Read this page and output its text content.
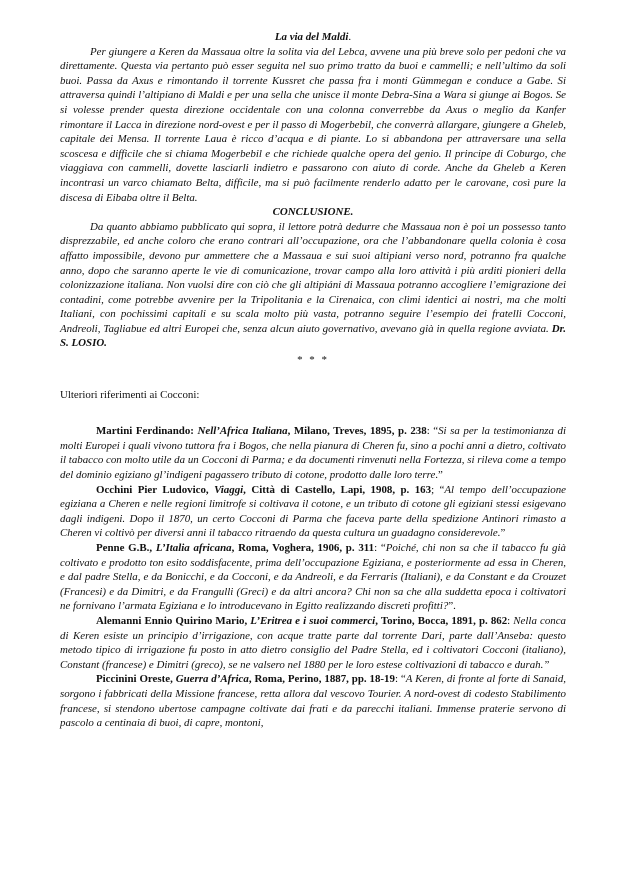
La via del Maldi.

Per giungere a Keren da Massaua oltre la solita via del Lebca, avvene una più breve solo per pedoni che va direttamente. Questa via pertanto può esser seguita nel suo primo tratto da buoi e cammelli; e nell’ultimo da soli buoi. Passa da Axus e rimontando il torrente Kussret che passa fra i monti Gümmegan e conduce a Gabe. Si attraversa quindi l’altipiano di Maldi e per una sella che unisce il monte Debra-Sina a Wara si giunge ai Bogos. Se si volesse prender questa direzione occidentale con una colonna converrebbe da Axus o meglio da Kanfer rimontare il Lacca in direzione nord-ovest e per il passo di Mogerbebil, che converrà allargare, giungere a Gheleb, capitale dei Mensa. Il torrente Laua è ricco d’acqua e di piante. Lo si abbandona per attraversare una sella scoscesa e difficile che si chiama Mogerbebil e che richiede qualche opera del genio. Il principe di Coburgo, che viaggiava con cammelli, dovette lasciarli indietro e passarono con aiuto di corde. Anche da Gheleb a Keren incontrasi un varco chiamato Belta, difficile, ma si può facilmente renderlo adatto per le carovane, così pure la discesa di Eibaba oltre il Belta.

CONCLUSIONE.

Da quanto abbiamo pubblicato qui sopra, il lettore potrà dedurre che Massaua non è poi un possesso tanto disprezzabile, ed anche coloro che erano contrari all’occupazione, ora che l’abbandonare quella colonia è cosa affatto impossibile, devono pur ammettere che a Massaua e sui suoi altipiani verso nord, potranno fra qualche anno, dopo che saranno aperte le vie di comunicazione, trovar campo alla loro attività i più arditi pionieri della colonizzazione italiana. Non vuolsi dire con ciò che gli altipiáni di Massaua potranno accogliere l’emigrazione dei contadini, come potrebbe avvenire per la Tripolitania e la Cirenaica, con climi identici ai nostri, ma che molti Italiani, con pochissimi capitali e su scala molto più vasta, potranno seguire l’esempio dei fratelli Cocconi, Andreoli, Tagliabue ed altri Europei che, senza alcun aiuto governativo, avevano già in quella regione avviata. Dr. S. LOSIO.

* * *

Ulteriori riferimenti ai Cocconi:

Martini Ferdinando: Nell’Africa Italiana, Milano, Treves, 1895, p. 238: “Si sa per la testimonianza di molti Europei i quali vivono tuttora fra i Bogos, che nella pianura di Cheren fu, sino a pochi anni a dietro, coltivato il tabacco con molto utile da un Cocconi di Parma; e da documenti rinvenuti nella Fortezza, si rileva come a tempo del dominio egiziano gl’indigeni pagassero tributo di cotone, prodotto dalle loro terre.”

Occhini Pier Ludovico, Viaggi, Città di Castello, Lapi, 1908, p. 163; “Al tempo dell’occupazione egiziana a Cheren e nelle regioni limitrofe si coltivava il cotone, e un tributo di cotone gli egiziani stessi esigevano dagli indigeni. Dopo il 1870, un certo Cocconi di Parma che faceva parte della spedizione Antinori rimasto a Cheren vi coltivò per diversi anni il tabacco ritraendo da questa cultura un guadagno considerevole.”

Penne G.B., L’Italia africana, Roma, Voghera, 1906, p. 311: “Poiché, chi non sa che il tabacco fu già coltivato e prodotto ton esito soddisfacente, prima dell’occupazione Egiziana, e posteriormente ad essa in Cheren, e dal padre Stella, e da Bonicchi, e da Cocconi, e da Andreoli, e da Ferraris (Italiani), e da Constant e da Crouzet (Francesi) e da Dimitri, e da Frangulli (Greci) e da altri ancora? Chi non sa che alla suddetta epoca i coltivatori ne fornivano l’armata Egiziana e lo introducevano in Egitto realizzando discreti profitti?”.

Alemanni Ennio Quirino Mario, L’Eritrea e i suoi commerci, Torino, Bocca, 1891, p. 862: Nella conca di Keren esiste un principio d’irrigazione, con acque tratte parte dal torrente Dari, parte dall’Anseba: questo metodo tipico di irrigazione fu posto in atto dietro consiglio del Padre Stella, ed i coltivatori Cocconi (italiano), Constant (francese) e Dimitri (greco), se ne valsero nel 1880 per le loro estese coltivazioni di tabacco e durah.”

Piccinini Oreste, Guerra d’Africa, Roma, Perino, 1887, pp. 18-19: “A Keren, di fronte al forte di Sanaid, sorgono i fabbricati della Missione francese, retta allora dal vescovo Tourier. A nord-ovest di codesto Stabilimento francese, si stendono ubertose campagne coltivate dai frati e da parecchi italiani. Immense praterie servono di pascolo a centinaia di buoi, di capre, montoni,
